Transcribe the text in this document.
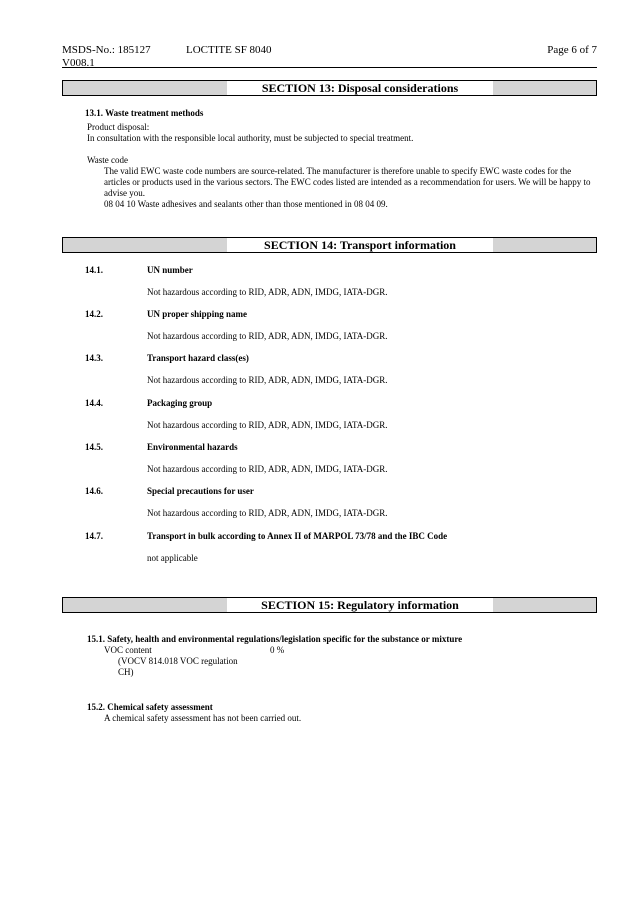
MSDS-No.: 185127	LOCTITE SF 8040	Page 6 of 7
V008.1
SECTION 13: Disposal considerations
13.1. Waste treatment methods
Product disposal:
In consultation with the responsible local authority, must be subjected to special treatment.
Waste code
The valid EWC waste code numbers are source-related. The manufacturer is therefore unable to specify EWC waste codes for the articles or products used in the various sectors. The EWC codes listed are intended as a recommendation for users. We will be happy to advise you.
08 04 10 Waste adhesives and sealants other than those mentioned in 08 04 09.
SECTION 14: Transport information
14.1.	UN number
Not hazardous according to RID, ADR, ADN, IMDG, IATA-DGR.
14.2.	UN proper shipping name
Not hazardous according to RID, ADR, ADN, IMDG, IATA-DGR.
14.3.	Transport hazard class(es)
Not hazardous according to RID, ADR, ADN, IMDG, IATA-DGR.
14.4.	Packaging group
Not hazardous according to RID, ADR, ADN, IMDG, IATA-DGR.
14.5.	Environmental hazards
Not hazardous according to RID, ADR, ADN, IMDG, IATA-DGR.
14.6.	Special precautions for user
Not hazardous according to RID, ADR, ADN, IMDG, IATA-DGR.
14.7.	Transport in bulk according to Annex II of MARPOL 73/78 and the IBC Code
not applicable
SECTION 15: Regulatory information
15.1. Safety, health and environmental regulations/legislation specific for the substance or mixture
VOC content	0 %
(VOCV 814.018 VOC regulation
CH)
15.2. Chemical safety assessment
A chemical safety assessment has not been carried out.
